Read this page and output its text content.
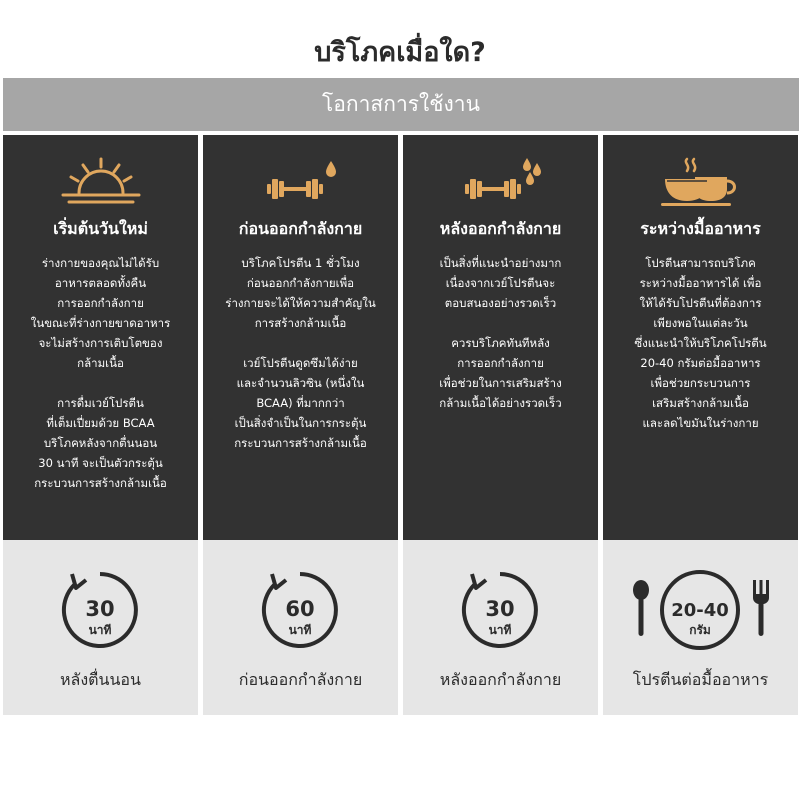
บริโภคเมื่อใด?
โอกาสการใช้งาน
เริ่มต้นวันใหม่

ร่างกายของคุณไม่ได้รับ
อาหารตลอดทั้งคืน
การออกกำลังกาย
ในขณะที่ร่างกายขาดอาหาร
จะไม่สร้างการเติบโตของ
กล้ามเนื้อ

การดื่มเวย์โปรตีน
ที่เต็มเปี่ยมด้วย BCAA
บริโภคหลังจากตื่นนอน
30 นาที จะเป็นตัวกระตุ้น
กระบวนการสร้างกล้ามเนื้อ

30
นาที
หลังตื่นนอน
ก่อนออกกำลังกาย

บริโภคโปรตีน 1 ชั่วโมง
ก่อนออกกำลังกายเพื่อ
ร่างกายจะได้ให้ความสำคัญใน
การสร้างกล้ามเนื้อ

เวย์โปรตีนดูดซึมได้ง่าย
และจำนวนลิวซิน (หนึ่งใน
BCAA) ที่มากกว่า
เป็นสิ่งจำเป็นในการกระตุ้น
กระบวนการสร้างกล้ามเนื้อ

60
นาที
ก่อนออกกำลังกาย
หลังออกกำลังกาย

เป็นสิ่งที่แนะนำอย่างมาก
เนื่องจากเวย์โปรตีนจะ
ตอบสนองอย่างรวดเร็ว

ควรบริโภคทันทีหลัง
การออกกำลังกาย
เพื่อช่วยในการเสริมสร้าง
กล้ามเนื้อได้อย่างรวดเร็ว

30
นาที
หลังออกกำลังกาย
ระหว่างมื้ออาหาร

โปรตีนสามารถบริโภค
ระหว่างมื้ออาหารได้ เพื่อ
ให้ได้รับโปรตีนที่ต้องการ
เพียงพอในแต่ละวัน
ซึ่งแนะนำให้บริโภคโปรตีน
20-40 กรัมต่อมื้ออาหาร
เพื่อช่วยกระบวนการ
เสริมสร้างกล้ามเนื้อ
และลดไขมันในร่างกาย

20-40
กรัม
โปรตีนต่อมื้ออาหาร
